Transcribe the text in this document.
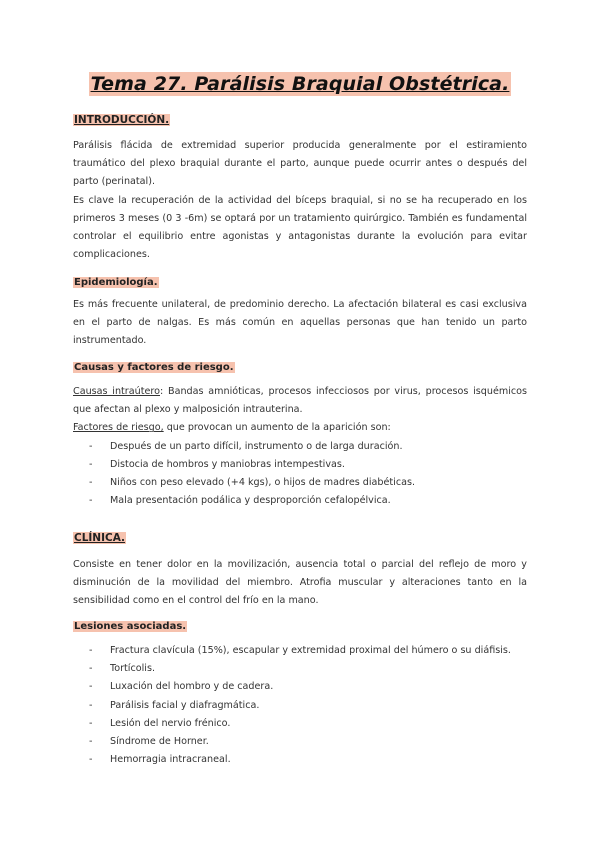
Tema 27. Parálisis Braquial Obstétrica.
INTRODUCCIÓN.

Parálisis flácida de extremidad superior producida generalmente por el estiramiento traumático del plexo braquial durante el parto, aunque puede ocurrir antes o después del parto (perinatal).

Es clave la recuperación de la actividad del bíceps braquial, si no se ha recuperado en los primeros 3 meses (0 3 -6m) se optará por un tratamiento quirúrgico. También es fundamental controlar el equilibrio entre agonistas y antagonistas durante la evolución para evitar complicaciones.

Epidemiología.

Es más frecuente unilateral, de predominio derecho. La afectación bilateral es casi exclusiva en el parto de nalgas. Es más común en aquellas personas que han tenido un parto instrumentado.

Causas y factores de riesgo.

Causas intraútero: Bandas amnióticas, procesos infecciosos por virus, procesos isquémicos que afectan al plexo y malposición intrauterina.

Factores de riesgo, que provocan un aumento de la aparición son:

- Después de un parto difícil, instrumento o de larga duración.
- Distocia de hombros y maniobras intempestivas.
- Niños con peso elevado (+4 kgs), o hijos de madres diabéticas.
- Mala presentación podálica y desproporción cefalopélvica.
CLÍNICA.

Consiste en tener dolor en la movilización, ausencia total o parcial del reflejo de moro y disminución de la movilidad del miembro. Atrofia muscular y alteraciones tanto en la sensibilidad como en el control del frío en la mano.

Lesiones asociadas.
- Fractura clavícula (15%), escapular y extremidad proximal del húmero o su diáfisis.
- Tortícolis.
- Luxación del hombro y de cadera.
- Parálisis facial y diafragmática.
- Lesión del nervio frénico.
- Síndrome de Horner.
- Hemorragia intracraneal.
